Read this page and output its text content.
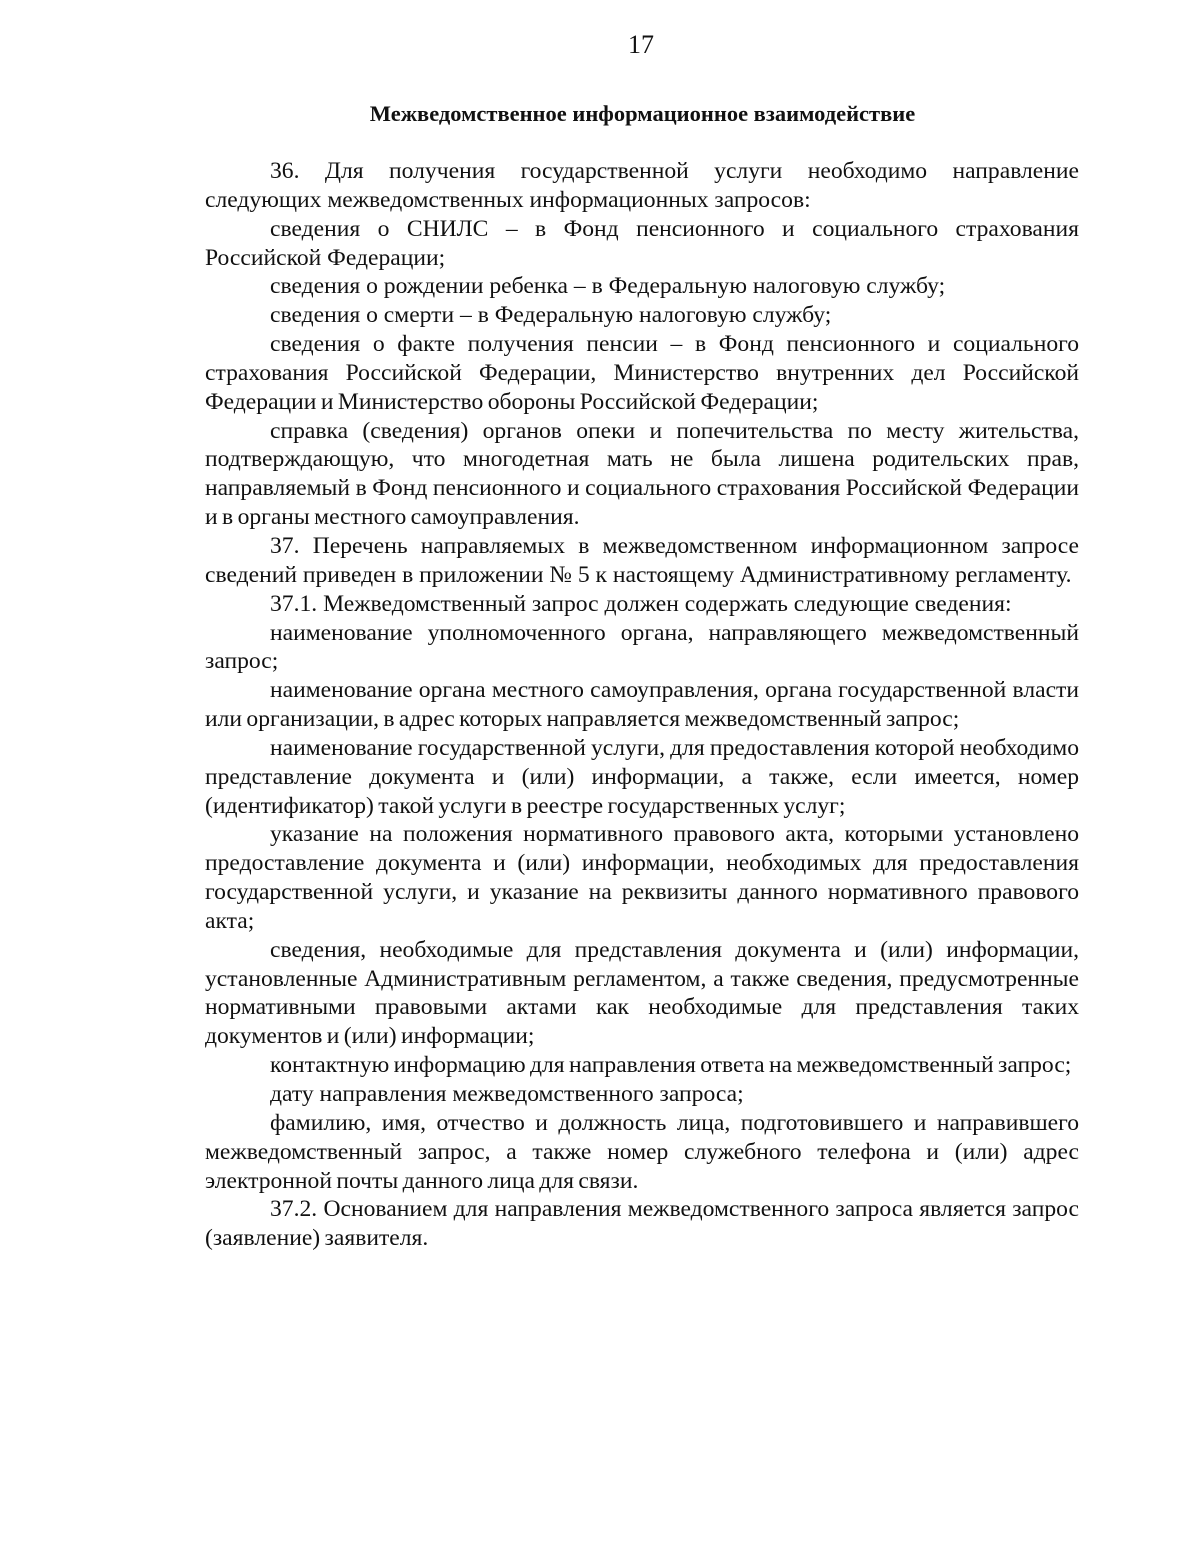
17
Межведомственное информационное взаимодействие

36. Для получения государственной услуги необходимо направление следующих межведомственных информационных запросов:

сведения о СНИЛС – в Фонд пенсионного и социального страхования Российской Федерации;

сведения о рождении ребенка – в Федеральную налоговую службу;

сведения о смерти – в Федеральную налоговую службу;

сведения о факте получения пенсии – в Фонд пенсионного и социального страхования Российской Федерации, Министерство внутренних дел Российской Федерации и Министерство обороны Российской Федерации;

справка (сведения) органов опеки и попечительства по месту жительства, подтверждающую, что многодетная мать не была лишена родительских прав, направляемый в Фонд пенсионного и социального страхования Российской Федерации и в органы местного самоуправления.

37. Перечень направляемых в межведомственном информационном запросе сведений приведен в приложении № 5 к настоящему Административному регламенту.

37.1. Межведомственный запрос должен содержать следующие сведения:

наименование уполномоченного органа, направляющего межведомственный запрос;

наименование органа местного самоуправления, органа государственной власти или организации, в адрес которых направляется межведомственный запрос;

наименование государственной услуги, для предоставления которой необходимо представление документа и (или) информации, а также, если имеется, номер (идентификатор) такой услуги в реестре государственных услуг;

указание на положения нормативного правового акта, которыми установлено предоставление документа и (или) информации, необходимых для предоставления государственной услуги, и указание на реквизиты данного нормативного правового акта;

сведения, необходимые для представления документа и (или) информации, установленные Административным регламентом, а также сведения, предусмотренные нормативными правовыми актами как необходимые для представления таких документов и (или) информации;

контактную информацию для направления ответа на межведомственный запрос;

дату направления межведомственного запроса;

фамилию, имя, отчество и должность лица, подготовившего и направившего межведомственный запрос, а также номер служебного телефона и (или) адрес электронной почты данного лица для связи.

37.2. Основанием для направления межведомственного запроса является запрос (заявление) заявителя.
